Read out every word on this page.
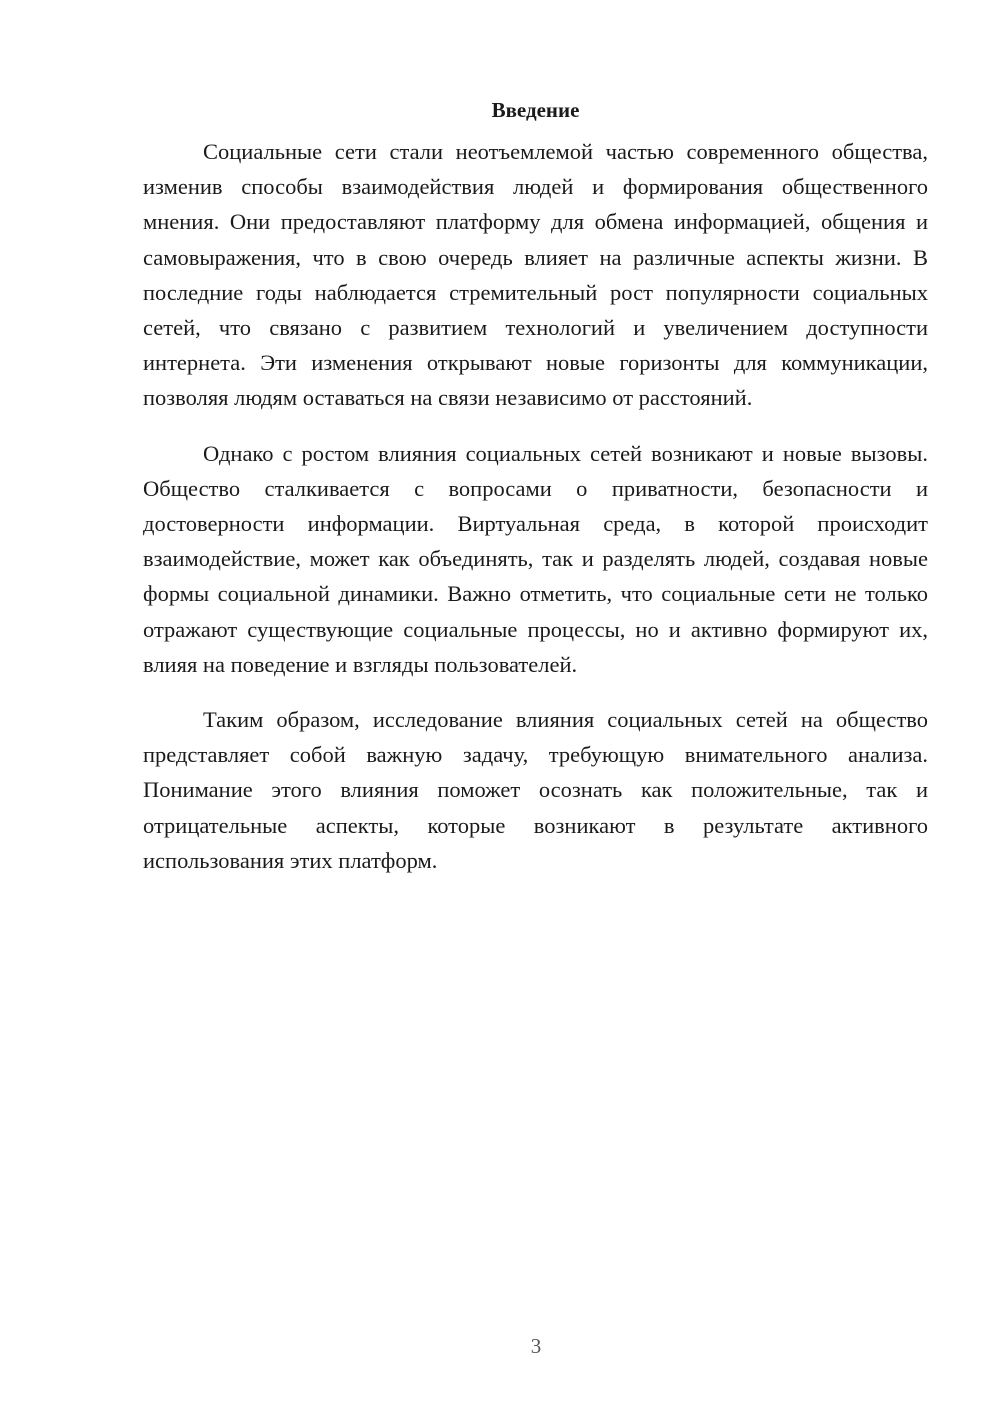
Введение

Социальные сети стали неотъемлемой частью современного общества, изменив способы взаимодействия людей и формирования общественного мнения. Они предоставляют платформу для обмена информацией, общения и самовыражения, что в свою очередь влияет на различные аспекты жизни. В последние годы наблюдается стремительный рост популярности социальных сетей, что связано с развитием технологий и увеличением доступности интернета. Эти изменения открывают новые горизонты для коммуникации, позволяя людям оставаться на связи независимо от расстояний.

Однако с ростом влияния социальных сетей возникают и новые вызовы. Общество сталкивается с вопросами о приватности, безопасности и достоверности информации. Виртуальная среда, в которой происходит взаимодействие, может как объединять, так и разделять людей, создавая новые формы социальной динамики. Важно отметить, что социальные сети не только отражают существующие социальные процессы, но и активно формируют их, влияя на поведение и взгляды пользователей.

Таким образом, исследование влияния социальных сетей на общество представляет собой важную задачу, требующую внимательного анализа. Понимание этого влияния поможет осознать как положительные, так и отрицательные аспекты, которые возникают в результате активного использования этих платформ.

3
